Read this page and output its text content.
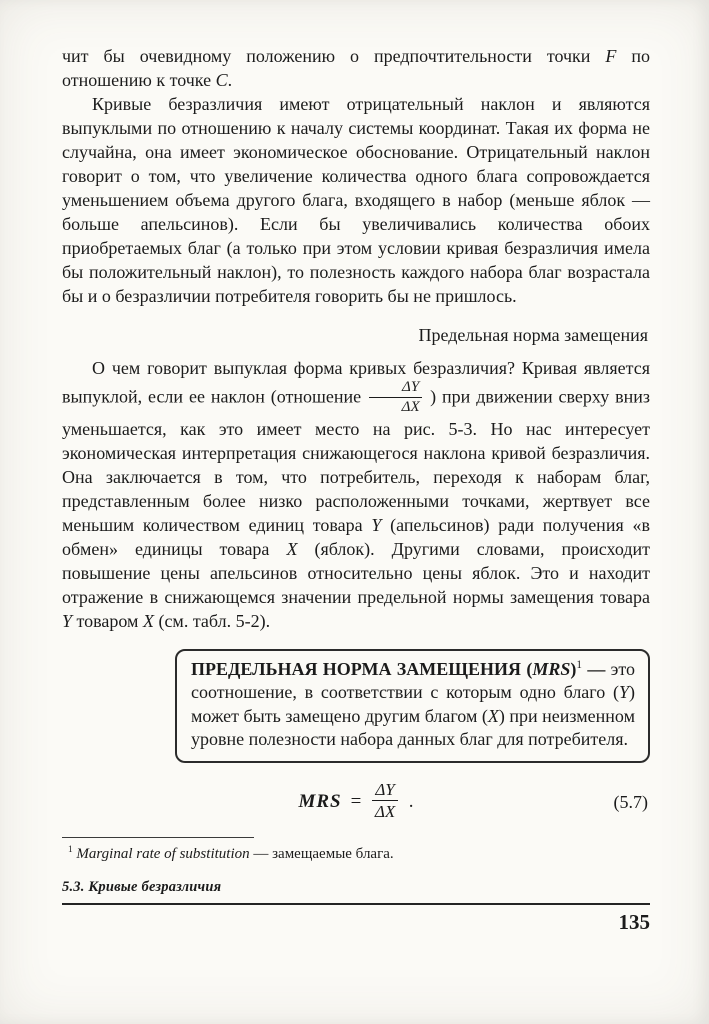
чит бы очевидному положению о предпочтительности точки F по отношению к точке C.

Кривые безразличия имеют отрицательный наклон и являются выпуклыми по отношению к началу системы координат. Такая их форма не случайна, она имеет экономическое обоснование. Отрицательный наклон говорит о том, что увеличение количества одного блага сопровождается уменьшением объема другого блага, входящего в набор (меньше яблок — больше апельсинов). Если бы увеличивались количества обоих приобретаемых благ (а только при этом условии кривая безразличия имела бы положительный наклон), то полезность каждого набора благ возрастала бы и о безразличии потребителя говорить бы не пришлось.

Предельная норма замещения

О чем говорит выпуклая форма кривых безразличия? Кривая является выпуклой, если ее наклон (отношение $\frac{\Delta Y}{\Delta X}$ ) при движении сверху вниз уменьшается, как это имеет место на рис. 5-3. Но нас интересует экономическая интерпретация снижающегося наклона кривой безразличия. Она заключается в том, что потребитель, переходя к наборам благ, представленным более низко расположенными точками, жертвует все меньшим количеством единиц товара Y (апельсинов) ради получения «в обмен» единицы товара X (яблок). Другими словами, происходит повышение цены апельсинов относительно цены яблок. Это и находит отражение в снижающемся значении предельной нормы замещения товара Y товаром X (см. табл. 5-2).

ПРЕДЕЛЬНАЯ НОРМА ЗАМЕЩЕНИЯ (MRS)$^1$ — это соотношение, в соответствии с которым одно благо (Y) может быть замещено другим благом (X) при неизменном уровне полезности набора данных благ для потребителя.

MRS = $\frac{\Delta Y}{\Delta X}$ .	(5.7)

$^1$ Marginal rate of substitution — замещаемые блага.

5.3. Кривые безразличия
135
